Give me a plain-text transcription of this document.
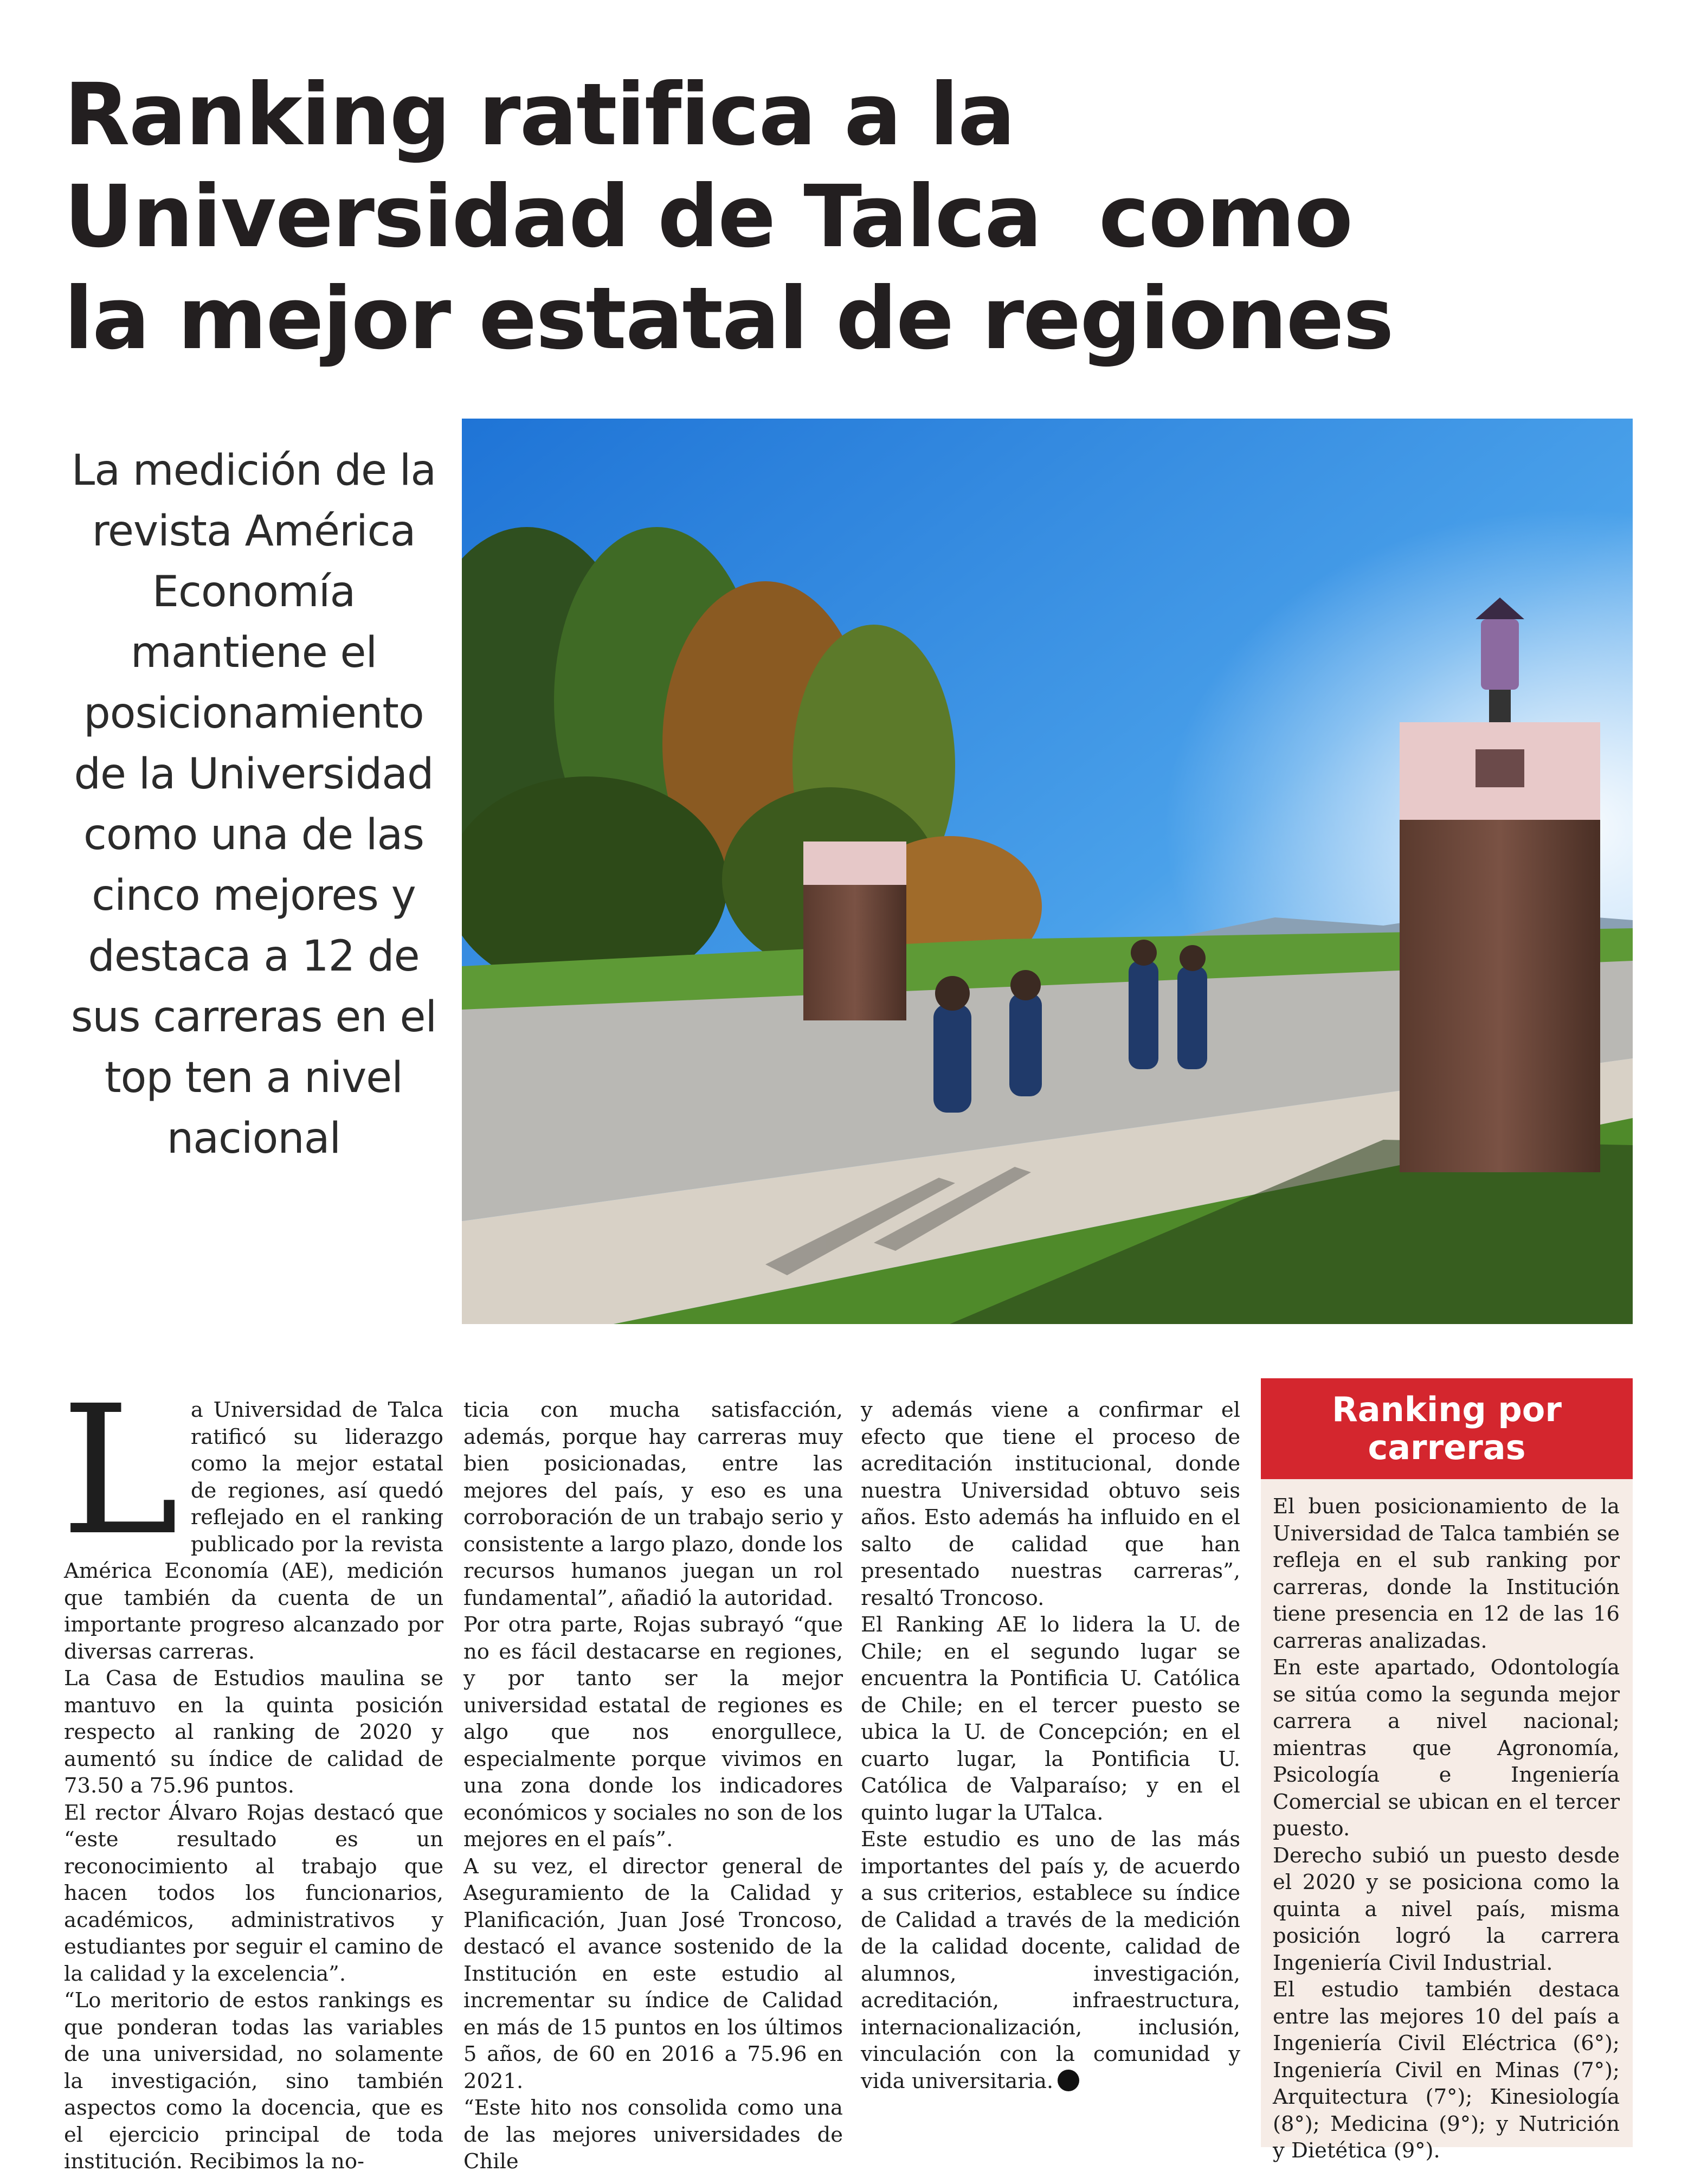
Ranking ratifica a la
Universidad de Talca  como
la mejor estatal de regiones

La medición de la revista América Economía mantiene el posicionamiento de la Universidad como una de las cinco mejores y destaca a 12 de sus carreras en el top ten a nivel nacional

L a Universidad de Talca ratificó su liderazgo como la mejor estatal de regiones, así quedó reflejado en el ranking publicado por la revista América Economía (AE), medición que también da cuenta de un importante progreso alcanzado por diversas carreras.

La Casa de Estudios maulina se mantuvo en la quinta posición respecto al ranking de 2020 y aumentó su índice de calidad de 73.50 a 75.96 puntos.

El rector Álvaro Rojas destacó que “este resultado es un reconocimiento al trabajo que hacen todos los funcionarios, académicos, administrativos y estudiantes por seguir el camino de la calidad y la excelencia”.

“Lo meritorio de estos rankings es que ponderan todas las variables de una universidad, no solamente la investigación, sino también aspectos como la docencia, que es el ejercicio principal de toda institución. Recibimos la no-

ticia con mucha satisfacción, además, porque hay carreras muy bien posicionadas, entre las mejores del país, y eso es una corroboración de un trabajo serio y consistente a largo plazo, donde los recursos humanos juegan un rol fundamental”, añadió la autoridad.

Por otra parte, Rojas subrayó “que no es fácil destacarse en regiones, y por tanto ser la mejor universidad estatal de regiones es algo que nos enorgullece, especialmente porque vivimos en una zona donde los indicadores económicos y sociales no son de los mejores en el país”.

A su vez, el director general de Aseguramiento de la Calidad y Planificación, Juan José Troncoso, destacó el avance sostenido de la Institución en este estudio al incrementar su índice de Calidad en más de 15 puntos en los últimos 5 años, de 60 en 2016 a 75.96 en 2021.

“Este hito nos consolida como una de las mejores universidades de Chile

y además viene a confirmar el efecto que tiene el proceso de acreditación institucional, donde nuestra Universidad obtuvo seis años. Esto además ha influido en el salto de calidad que han presentado nuestras carreras”, resaltó Troncoso.

El Ranking AE lo lidera la U. de Chile; en el segundo lugar se encuentra la Pontificia U. Católica de Chile; en el tercer puesto se ubica la U. de Concepción; en el cuarto lugar, la Pontificia U. Católica de Valparaíso; y en el quinto lugar la UTalca.

Este estudio es uno de las más importantes del país y, de acuerdo a sus criterios, establece su índice de Calidad a través de la medición de la calidad docente, calidad de alumnos, investigación, acreditación, infraestructura, internacionalización, inclusión, vinculación con la comunidad y vida universitaria.

Ranking por
carreras

El buen posicionamiento de la Universidad de Talca también se refleja en el sub ranking por carreras, donde la Institución tiene presencia en 12 de las 16 carreras analizadas.

En este apartado, Odontología se sitúa como la segunda mejor carrera a nivel nacional; mientras que Agronomía, Psicología e Ingeniería Comercial se ubican en el tercer puesto.

Derecho subió un puesto desde el 2020 y se posiciona como la quinta a nivel país, misma posición logró la carrera Ingeniería Civil Industrial.

El estudio también destaca entre las mejores 10 del país a Ingeniería Civil Eléctrica (6°); Ingeniería Civil en Minas (7°); Arquitectura (7°); Kinesiología (8°); Medicina (9°); y Nutrición y Dietética (9°).
